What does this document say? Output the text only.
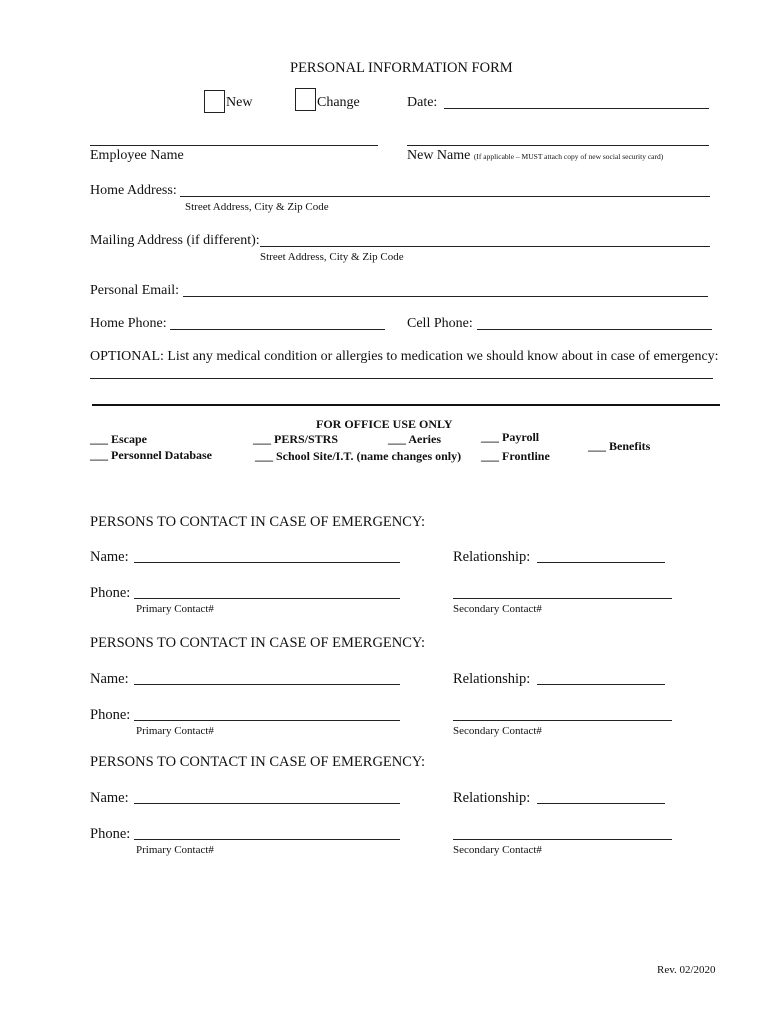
PERSONAL INFORMATION FORM
New	Change	Date:
Employee Name	New Name (If applicable – MUST attach copy of new social security card)
Home Address:
Street Address, City & Zip Code
Mailing Address (if different):
Street Address, City & Zip Code
Personal Email:
Home Phone:	Cell Phone:
OPTIONAL: List any medical condition or allergies to medication we should know about in case of emergency:
FOR OFFICE USE ONLY
___ Escape
___ Personnel Database
___ PERS/STRS	___ Aeries
___ School Site/I.T. (name changes only)
___ Payroll
___ Frontline
___ Benefits
PERSONS TO CONTACT IN CASE OF EMERGENCY:
Name:	Relationship:
Phone:
Primary Contact#	Secondary Contact#
PERSONS TO CONTACT IN CASE OF EMERGENCY:
Name:	Relationship:
Phone:
Primary Contact#	Secondary Contact#
PERSONS TO CONTACT IN CASE OF EMERGENCY:
Name:	Relationship:
Phone:
Primary Contact#	Secondary Contact#
Rev. 02/2020
